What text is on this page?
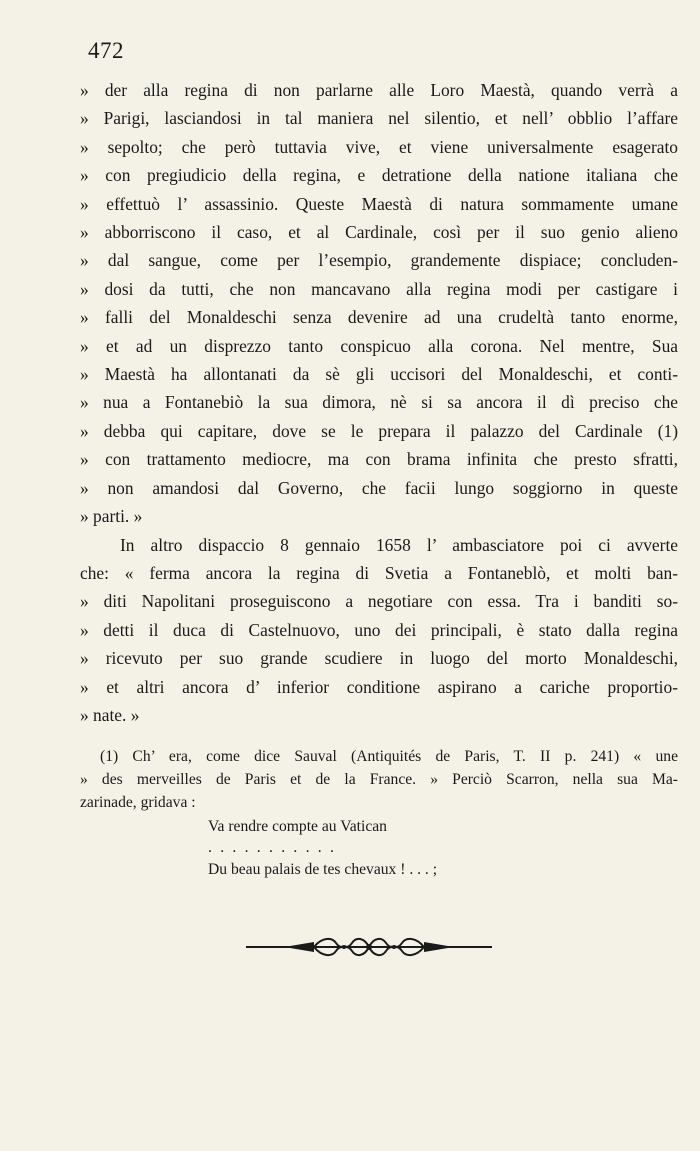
472
» der alla regina di non parlarne alle Loro Maestà, quando verrà a
» Parigi, lasciandosi in tal maniera nel silentio, et nell’ obblio l’affare
» sepolto; che però tuttavia vive, et viene universalmente esagerato
» con pregiudicio della regina, e detratione della natione italiana che
» effettuò l’ assassinio. Queste Maestà di natura sommamente umane
» abborriscono il caso, et al Cardinale, così per il suo genio alieno
» dal sangue, come per l’esempio, grandemente dispiace; concluden-
» dosi da tutti, che non mancavano alla regina modi per castigare i
» falli del Monaldeschi senza devenire ad una crudeltà tanto enorme,
» et ad un disprezzo tanto conspicuo alla corona. Nel mentre, Sua
» Maestà ha allontanati da sè gli uccisori del Monaldeschi, et conti-
» nua a Fontanebiò la sua dimora, nè si sa ancora il dì preciso che
» debba qui capitare, dove se le prepara il palazzo del Cardinale (1)
» con trattamento mediocre, ma con brama infinita che presto sfratti,
» non amandosi dal Governo, che facii lungo soggiorno in queste
» parti. »
In altro dispaccio 8 gennaio 1658 l’ ambasciatore poi ci avverte
che: « ferma ancora la regina di Svetia a Fontaneblò, et molti ban-
» diti Napolitani proseguiscono a negotiare con essa. Tra i banditi so-
» detti il duca di Castelnuovo, uno dei principali, è stato dalla regina
» ricevuto per suo grande scudiere in luogo del morto Monaldeschi,
» et altri ancora d’ inferior conditione aspirano a cariche proportio-
» nate. »
(1) Ch’ era, come dice Sauval (Antiquités de Paris, T. II p. 241) « une
» des merveilles de Paris et de la France. » Perciò Scarron, nella sua Ma-
zarinade, gridava :
Va rendre compte au Vatican
...........
Du beau palais de tes chevaux ! . . . ;
